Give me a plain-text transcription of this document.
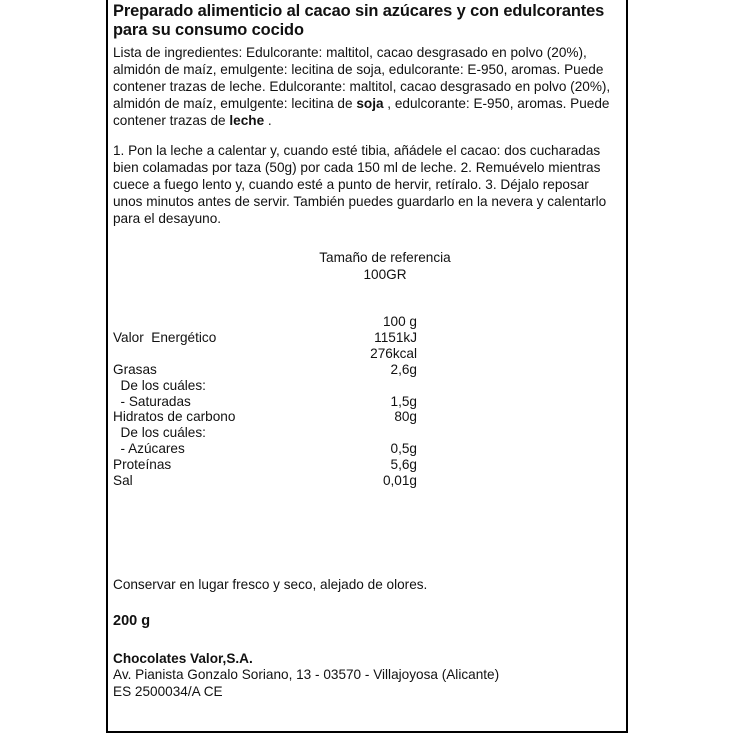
Preparado alimenticio al cacao sin azúcares y con edulcorantes para su consumo cocido
Lista de ingredientes: Edulcorante: maltitol, cacao desgrasado en polvo (20%), almidón de maíz, emulgente: lecitina de soja, edulcorante: E-950, aromas. Puede contener trazas de leche. Edulcorante: maltitol, cacao desgrasado en polvo (20%), almidón de maíz, emulgente: lecitina de soja , edulcorante: E-950, aromas. Puede contener trazas de leche .
1. Pon la leche a calentar y, cuando esté tibia, añádele el cacao: dos cucharadas bien colamadas por taza (50g) por cada 150 ml de leche. 2. Remuévelo mientras cuece a fuego lento y, cuando esté a punto de hervir, retíralo. 3. Déjalo reposar unos minutos antes de servir. También puedes guardarlo en la nevera y calentarlo para el desayuno.
Tamaño de referencia
100GR
100 g
Valor  Energético	1151kJ
276kcal
Grasas	2,6g
De los cuáles:
- Saturadas	1,5g
Hidratos de carbono	80g
De los cuáles:
- Azúcares	0,5g
Proteínas	5,6g
Sal	0,01g
Conservar en lugar fresco y seco, alejado de olores.
200 g
Chocolates Valor,S.A.
Av. Pianista Gonzalo Soriano, 13 - 03570 - Villajoyosa (Alicante)
ES 2500034/A CE
